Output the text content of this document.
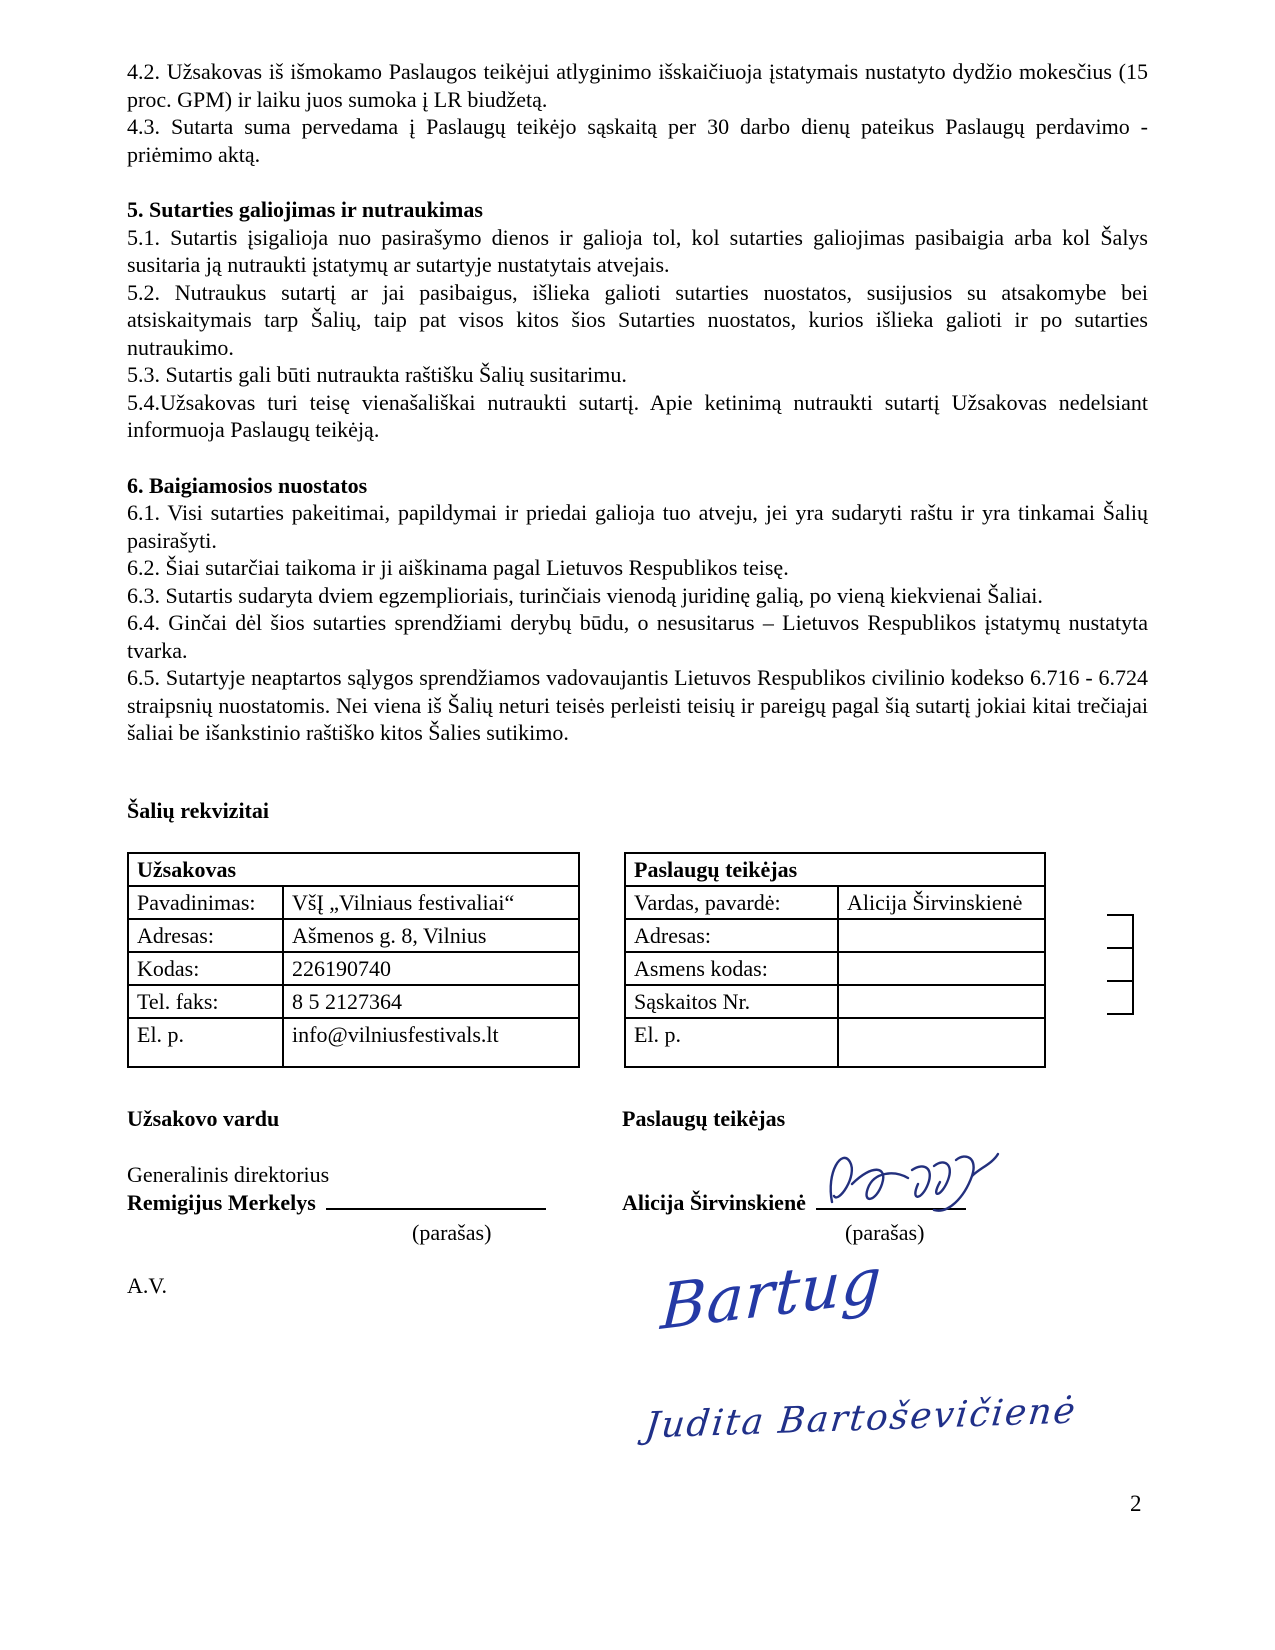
4.2. Užsakovas iš išmokamo Paslaugos teikėjui atlyginimo išskaičiuoja įstatymais nustatyto dydžio mokesčius (15 proc. GPM) ir laiku juos sumoka į LR biudžetą.

4.3. Sutarta suma pervedama į Paslaugų teikėjo sąskaitą per 30 darbo dienų pateikus Paslaugų perdavimo - priėmimo aktą.

5. Sutarties galiojimas ir nutraukimas

5.1. Sutartis įsigalioja nuo pasirašymo dienos ir galioja tol, kol sutarties galiojimas pasibaigia arba kol Šalys susitaria ją nutraukti įstatymų ar sutartyje nustatytais atvejais.

5.2. Nutraukus sutartį ar jai pasibaigus, išlieka galioti sutarties nuostatos, susijusios su atsakomybe bei atsiskaitymais tarp Šalių, taip pat visos kitos šios Sutarties nuostatos, kurios išlieka galioti ir po sutarties nutraukimo.

5.3. Sutartis gali būti nutraukta raštišku Šalių susitarimu.

5.4.Užsakovas turi teisę vienašališkai nutraukti sutartį. Apie ketinimą nutraukti sutartį Užsakovas nedelsiant informuoja Paslaugų teikėją.

6. Baigiamosios nuostatos

6.1. Visi sutarties pakeitimai, papildymai ir priedai galioja tuo atveju, jei yra sudaryti raštu ir yra tinkamai Šalių pasirašyti.

6.2. Šiai sutarčiai taikoma ir ji aiškinama pagal Lietuvos Respublikos teisę.

6.3. Sutartis sudaryta dviem egzemplioriais, turinčiais vienodą juridinę galią, po vieną kiekvienai Šaliai.

6.4. Ginčai dėl šios sutarties sprendžiami derybų būdu, o nesusitarus – Lietuvos Respublikos įstatymų nustatyta tvarka.

6.5. Sutartyje neaptartos sąlygos sprendžiamos vadovaujantis Lietuvos Respublikos civilinio kodekso 6.716 - 6.724 straipsnių nuostatomis. Nei viena iš Šalių neturi teisės perleisti teisių ir pareigų pagal šią sutartį jokiai kitai trečiajai šaliai be išankstinio raštiško kitos Šalies sutikimo.

Šalių rekvizitai
Užsakovas	
Pavadinimas:	VšĮ „Vilniaus festivaliai“
Adresas:	Ašmenos g. 8, Vilnius
Kodas:	226190740
Tel. faks:	8 5 2127364
El. p.	info@vilniusfestivals.lt
Paslaugų teikėjas	
Vardas, pavardė:	Alicija Širvinskienė
Adresas:	
Asmens kodas:	
Sąskaitos Nr.	
El. p.	
Užsakovo vardu
Generalinis direktorius
Remigijus Merkelys
(parašas)
Paslaugų teikėjas
Alicija Širvinskienė
(parašas)
A.V.	Bartug
Judita Bartoševičienė
2
